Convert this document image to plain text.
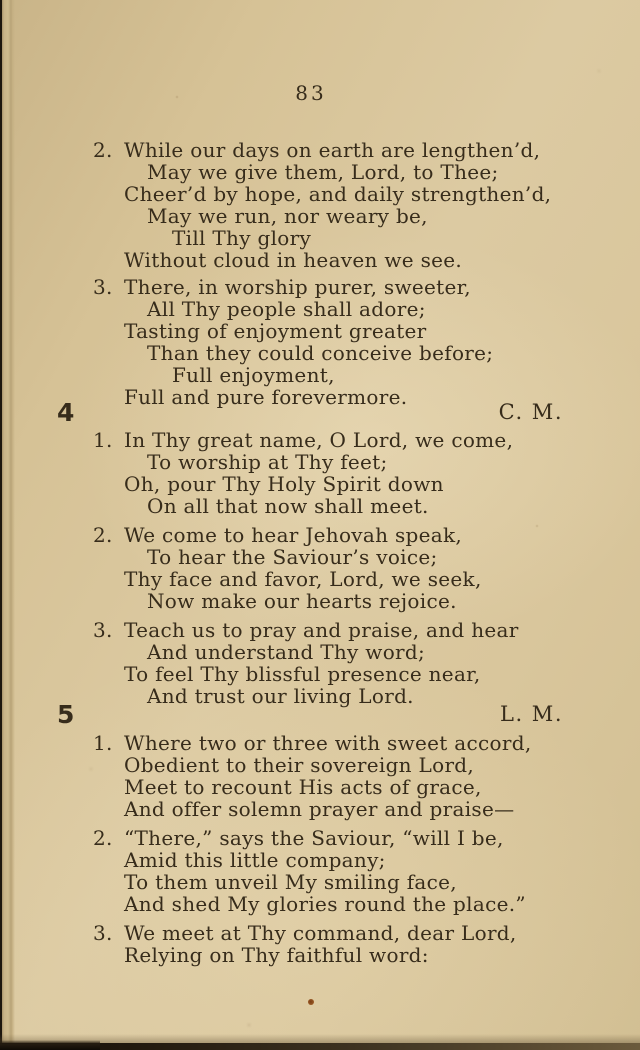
83
2. While our days on earth are lengthen’d,
May we give them, Lord, to Thee;
Cheer’d by hope, and daily strengthen’d,
May we run, nor weary be,
Till Thy glory
Without cloud in heaven we see.
3. There, in worship purer, sweeter,
All Thy people shall adore;
Tasting of enjoyment greater
Than they could conceive before;
Full enjoyment,
Full and pure forevermore.
4	C. M.
1. In Thy great name, O Lord, we come,
To worship at Thy feet;
Oh, pour Thy Holy Spirit down
On all that now shall meet.
2. We come to hear Jehovah speak,
To hear the Saviour’s voice;
Thy face and favor, Lord, we seek,
Now make our hearts rejoice.
3. Teach us to pray and praise, and hear
And understand Thy word;
To feel Thy blissful presence near,
And trust our living Lord.
5	L. M.
1. Where two or three with sweet accord,
Obedient to their sovereign Lord,
Meet to recount His acts of grace,
And offer solemn prayer and praise—
2. “There,” says the Saviour, “will I be,
Amid this little company;
To them unveil My smiling face,
And shed My glories round the place.”
3. We meet at Thy command, dear Lord,
Relying on Thy faithful word:
